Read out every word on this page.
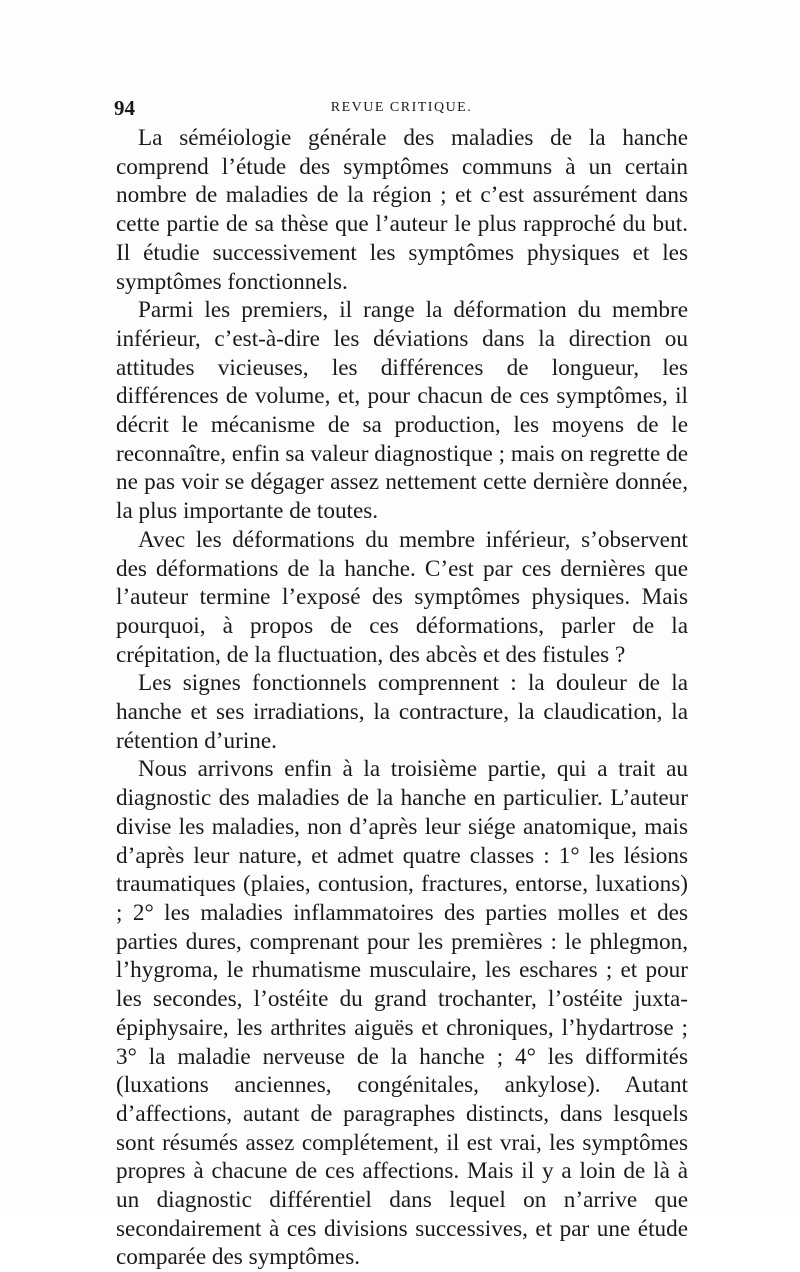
94	REVUE CRITIQUE.

La séméiologie générale des maladies de la hanche comprend l’étude des symptômes communs à un certain nombre de maladies de la région ; et c’est assurément dans cette partie de sa thèse que l’auteur le plus rapproché du but. Il étudie successivement les symptômes physiques et les symptômes fonctionnels.

Parmi les premiers, il range la déformation du membre inférieur, c’est-à-dire les déviations dans la direction ou attitudes vicieuses, les différences de longueur, les différences de volume, et, pour chacun de ces symptômes, il décrit le mécanisme de sa production, les moyens de le reconnaître, enfin sa valeur diagnostique ; mais on regrette de ne pas voir se dégager assez nettement cette dernière donnée, la plus importante de toutes.

Avec les déformations du membre inférieur, s’observent des déformations de la hanche. C’est par ces dernières que l’auteur termine l’exposé des symptômes physiques. Mais pourquoi, à propos de ces déformations, parler de la crépitation, de la fluctuation, des abcès et des fistules ?

Les signes fonctionnels comprennent : la douleur de la hanche et ses irradiations, la contracture, la claudication, la rétention d’urine.

Nous arrivons enfin à la troisième partie, qui a trait au diagnostic des maladies de la hanche en particulier. L’auteur divise les maladies, non d’après leur siége anatomique, mais d’après leur nature, et admet quatre classes : 1° les lésions traumatiques (plaies, contusion, fractures, entorse, luxations) ; 2° les maladies inflammatoires des parties molles et des parties dures, comprenant pour les premières : le phlegmon, l’hygroma, le rhumatisme musculaire, les eschares ; et pour les secondes, l’ostéite du grand trochanter, l’ostéite juxta-épiphysaire, les arthrites aiguës et chroniques, l’hydartrose ; 3° la maladie nerveuse de la hanche ; 4° les difformités (luxations anciennes, congénitales, ankylose). Autant d’affections, autant de paragraphes distincts, dans lesquels sont résumés assez complétement, il est vrai, les symptômes propres à chacune de ces affections. Mais il y a loin de là à un diagnostic différentiel dans lequel on n’arrive que secondairement à ces divisions successives, et par une étude comparée des symptômes.
